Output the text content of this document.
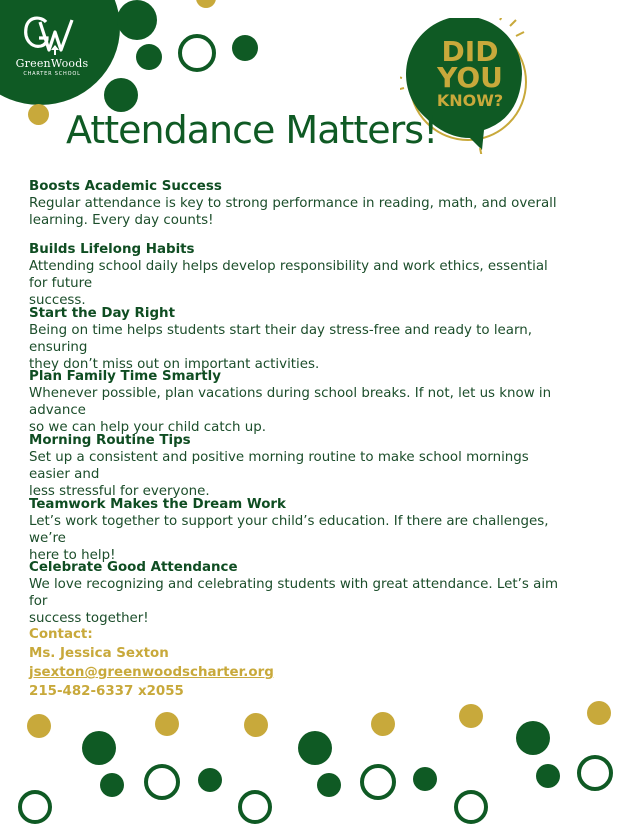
GreenWoods
CHARTER SCHOOL
DID
YOU
KNOW?
Attendance Matters!
Boosts Academic Success

Regular attendance is key to strong performance in reading, math, and overall

learning. Every day counts!

Builds Lifelong Habits

Attending school daily helps develop responsibility and work ethics, essential for future

success.

Start the Day Right

Being on time helps students start their day stress-free and ready to learn, ensuring

they don’t miss out on important activities.

Plan Family Time Smartly

Whenever possible, plan vacations during school breaks. If not, let us know in advance

so we can help your child catch up.

Morning Routine Tips

Set up a consistent and positive morning routine to make school mornings easier and

less stressful for everyone.

Teamwork Makes the Dream Work

Let’s work together to support your child’s education. If there are challenges, we’re

here to help!

Celebrate Good Attendance

We love recognizing and celebrating students with great attendance. Let’s aim for

success together!

Contact:
Ms. Jessica Sexton
jsexton@greenwoodscharter.org
215-482-6337 x2055
